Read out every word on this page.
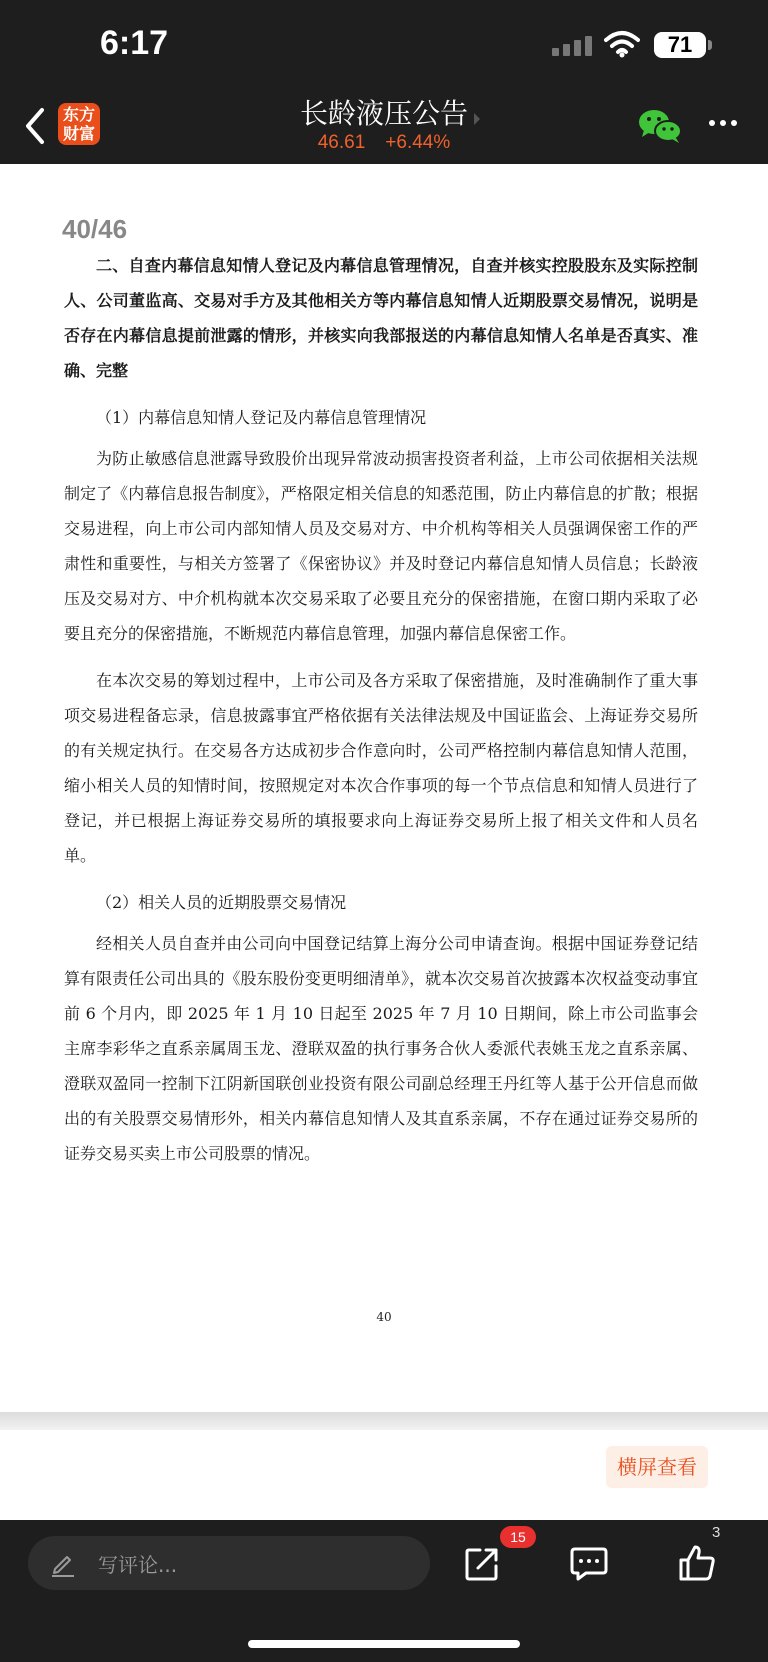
6:17	71
东方
财富
长龄液压公告
46.61 +6.44%
40/46

二、自查内幕信息知情人登记及内幕信息管理情况，自查并核实控股股东及实际控制人、公司董监高、交易对手方及其他相关方等内幕信息知情人近期股票交易情况，说明是否存在内幕信息提前泄露的情形，并核实向我部报送的内幕信息知情人名单是否真实、准确、完整

（1）内幕信息知情人登记及内幕信息管理情况

为防止敏感信息泄露导致股价出现异常波动损害投资者利益，上市公司依据相关法规制定了《内幕信息报告制度》，严格限定相关信息的知悉范围，防止内幕信息的扩散；根据交易进程，向上市公司内部知情人员及交易对方、中介机构等相关人员强调保密工作的严肃性和重要性，与相关方签署了《保密协议》并及时登记内幕信息知情人员信息；长龄液压及交易对方、中介机构就本次交易采取了必要且充分的保密措施，在窗口期内采取了必要且充分的保密措施，不断规范内幕信息管理，加强内幕信息保密工作。

在本次交易的筹划过程中，上市公司及各方采取了保密措施，及时准确制作了重大事项交易进程备忘录，信息披露事宜严格依据有关法律法规及中国证监会、上海证券交易所的有关规定执行。在交易各方达成初步合作意向时，公司严格控制内幕信息知情人范围，缩小相关人员的知情时间，按照规定对本次合作事项的每一个节点信息和知情人员进行了登记，并已根据上海证券交易所的填报要求向上海证券交易所上报了相关文件和人员名单。

（2）相关人员的近期股票交易情况

经相关人员自查并由公司向中国登记结算上海分公司申请查询。根据中国证券登记结算有限责任公司出具的《股东股份变更明细清单》，就本次交易首次披露本次权益变动事宜前 6 个月内，即 2025 年 1 月 10 日起至 2025 年 7 月 10 日期间，除上市公司监事会主席李彩华之直系亲属周玉龙、澄联双盈的执行事务合伙人委派代表姚玉龙之直系亲属、澄联双盈同一控制下江阴新国联创业投资有限公司副总经理王丹红等人基于公开信息而做出的有关股票交易情形外，相关内幕信息知情人及其直系亲属，不存在通过证券交易所的证券交易买卖上市公司股票的情况。

40
横屏查看
写评论...
15	3
